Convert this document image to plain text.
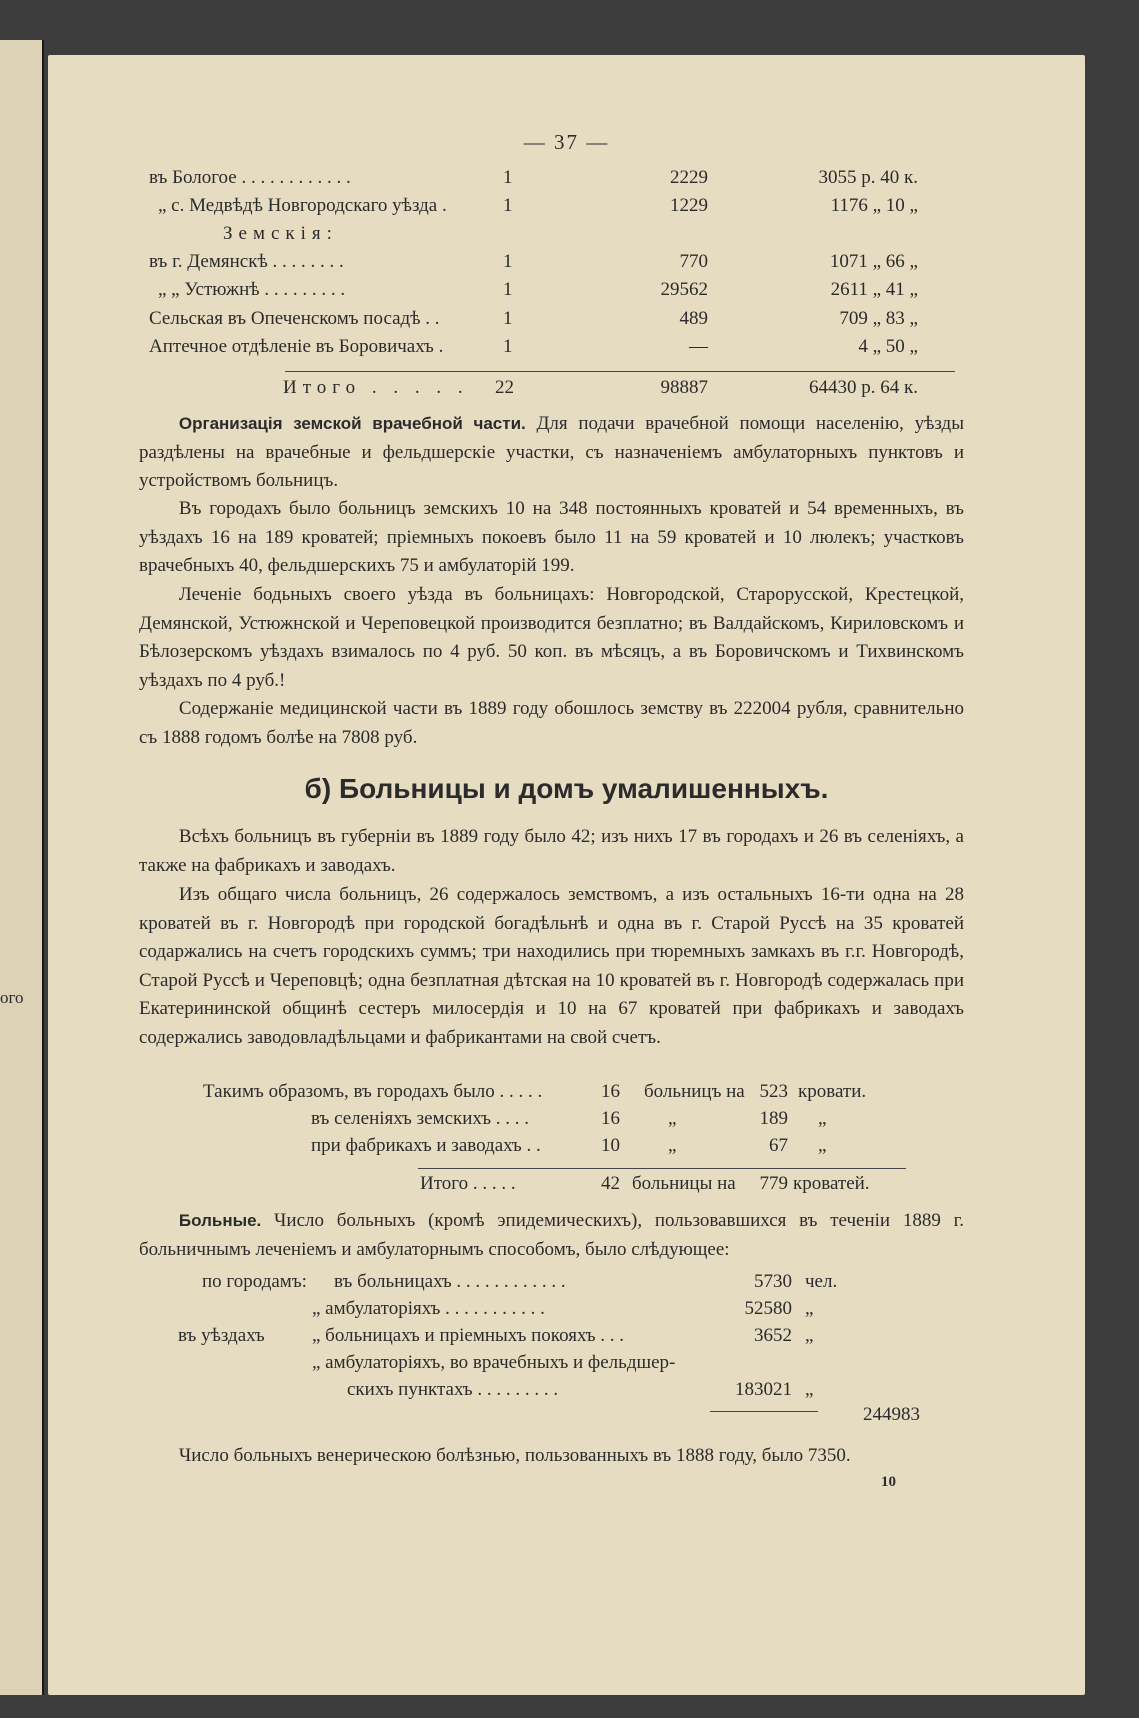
ого
— 37 —
въ Бологое . . . . . . . . . . . .	1	2229	3055 р. 40 к.
„ с. Медвѣдѣ Новгородскаго уѣзда .	1	1229	1176 „ 10 „
Земскія:
въ г. Демянскѣ . . . . . . . .	1	770	1071 „ 66 „
„ „ Устюжнѣ . . . . . . . . .	1	29562	2611 „ 41 „
Сельская въ Опеченскомъ посадѣ . .	1	489	709 „ 83 „
Аптечное отдѣленіе въ Боровичахъ .	1	—	4 „ 50 „
Итого . . . . . 22	98887	64430 р. 64 к.

Организація земской врачебной части. Для подачи врачебной помощи населенію, уѣзды раздѣлены на врачебные и фельдшерскіе участки, съ назначеніемъ амбулаторныхъ пунктовъ и устройствомъ больницъ.

Въ городахъ было больницъ земскихъ 10 на 348 постоянныхъ кроватей и 54 временныхъ, въ уѣздахъ 16 на 189 кроватей; пріемныхъ покоевъ было 11 на 59 кроватей и 10 люлекъ; участковъ врачебныхъ 40, фельдшерскихъ 75 и амбулаторій 199.

Леченіе бодьныхъ своего уѣзда въ больницахъ: Новгородской, Старорусской, Крестецкой, Демянской, Устюжнской и Череповецкой производится безплатно; въ Валдайскомъ, Кириловскомъ и Бѣлозерскомъ уѣздахъ взималось по 4 руб. 50 коп. въ мѣсяцъ, а въ Боровичскомъ и Тихвинскомъ уѣздахъ по 4 руб.!

Содержаніе медицинской части въ 1889 году обошлось земству въ 222004 рубля, сравнительно съ 1888 годомъ болѣе на 7808 руб.

б) Больницы и домъ умалишенныхъ.

Всѣхъ больницъ въ губерніи въ 1889 году было 42; изъ нихъ 17 въ городахъ и 26 въ селеніяхъ, а также на фабрикахъ и заводахъ.

Изъ общаго числа больницъ, 26 содержалось земствомъ, а изъ остальныхъ 16-ти одна на 28 кроватей въ г. Новгородѣ при городской богадѣльнѣ и одна въ г. Старой Руссѣ на 35 кроватей содаржались на счетъ городскихъ суммъ; три находились при тюремныхъ замкахъ въ г.г. Новгородѣ, Старой Руссѣ и Череповцѣ; одна безплатная дѣтская на 10 кроватей въ г. Новгородѣ содержалась при Екатерининской общинѣ сестеръ милосердія и 10 на 67 кроватей при фабрикахъ и заводахъ содержались заводовладѣльцами и фабрикантами на свой счетъ.

Такимъ образомъ, въ городахъ было . . . . .	16 больницъ на 523 кровати.
въ селеніяхъ земскихъ . . . .	16	„	189 „
при фабрикахъ и заводахъ . .	10	„	67 „
Итого . . . . .	42 больницы на	779 кроватей.

Больные. Число больныхъ (кромѣ эпидемическихъ), пользовавшихся въ теченіи 1889 г. больничнымъ леченіемъ и амбулаторнымъ способомъ, было слѣдующее:

по городамъ: въ больницахъ . . . . . . . . . . . .	5730 чел.
„ амбулаторіяхъ . . . . . . . . . . .	52580 „
въ уѣздахъ „ больницахъ и пріемныхъ покояхъ . . .	3652 „
„ амбулаторіяхъ, во врачебныхъ и фельдшер-
скихъ пунктахъ . . . . . . . . .	183021 „
244983

Число больныхъ венерическою болѣзнью, пользованныхъ въ 1888 году, было 7350.

10
